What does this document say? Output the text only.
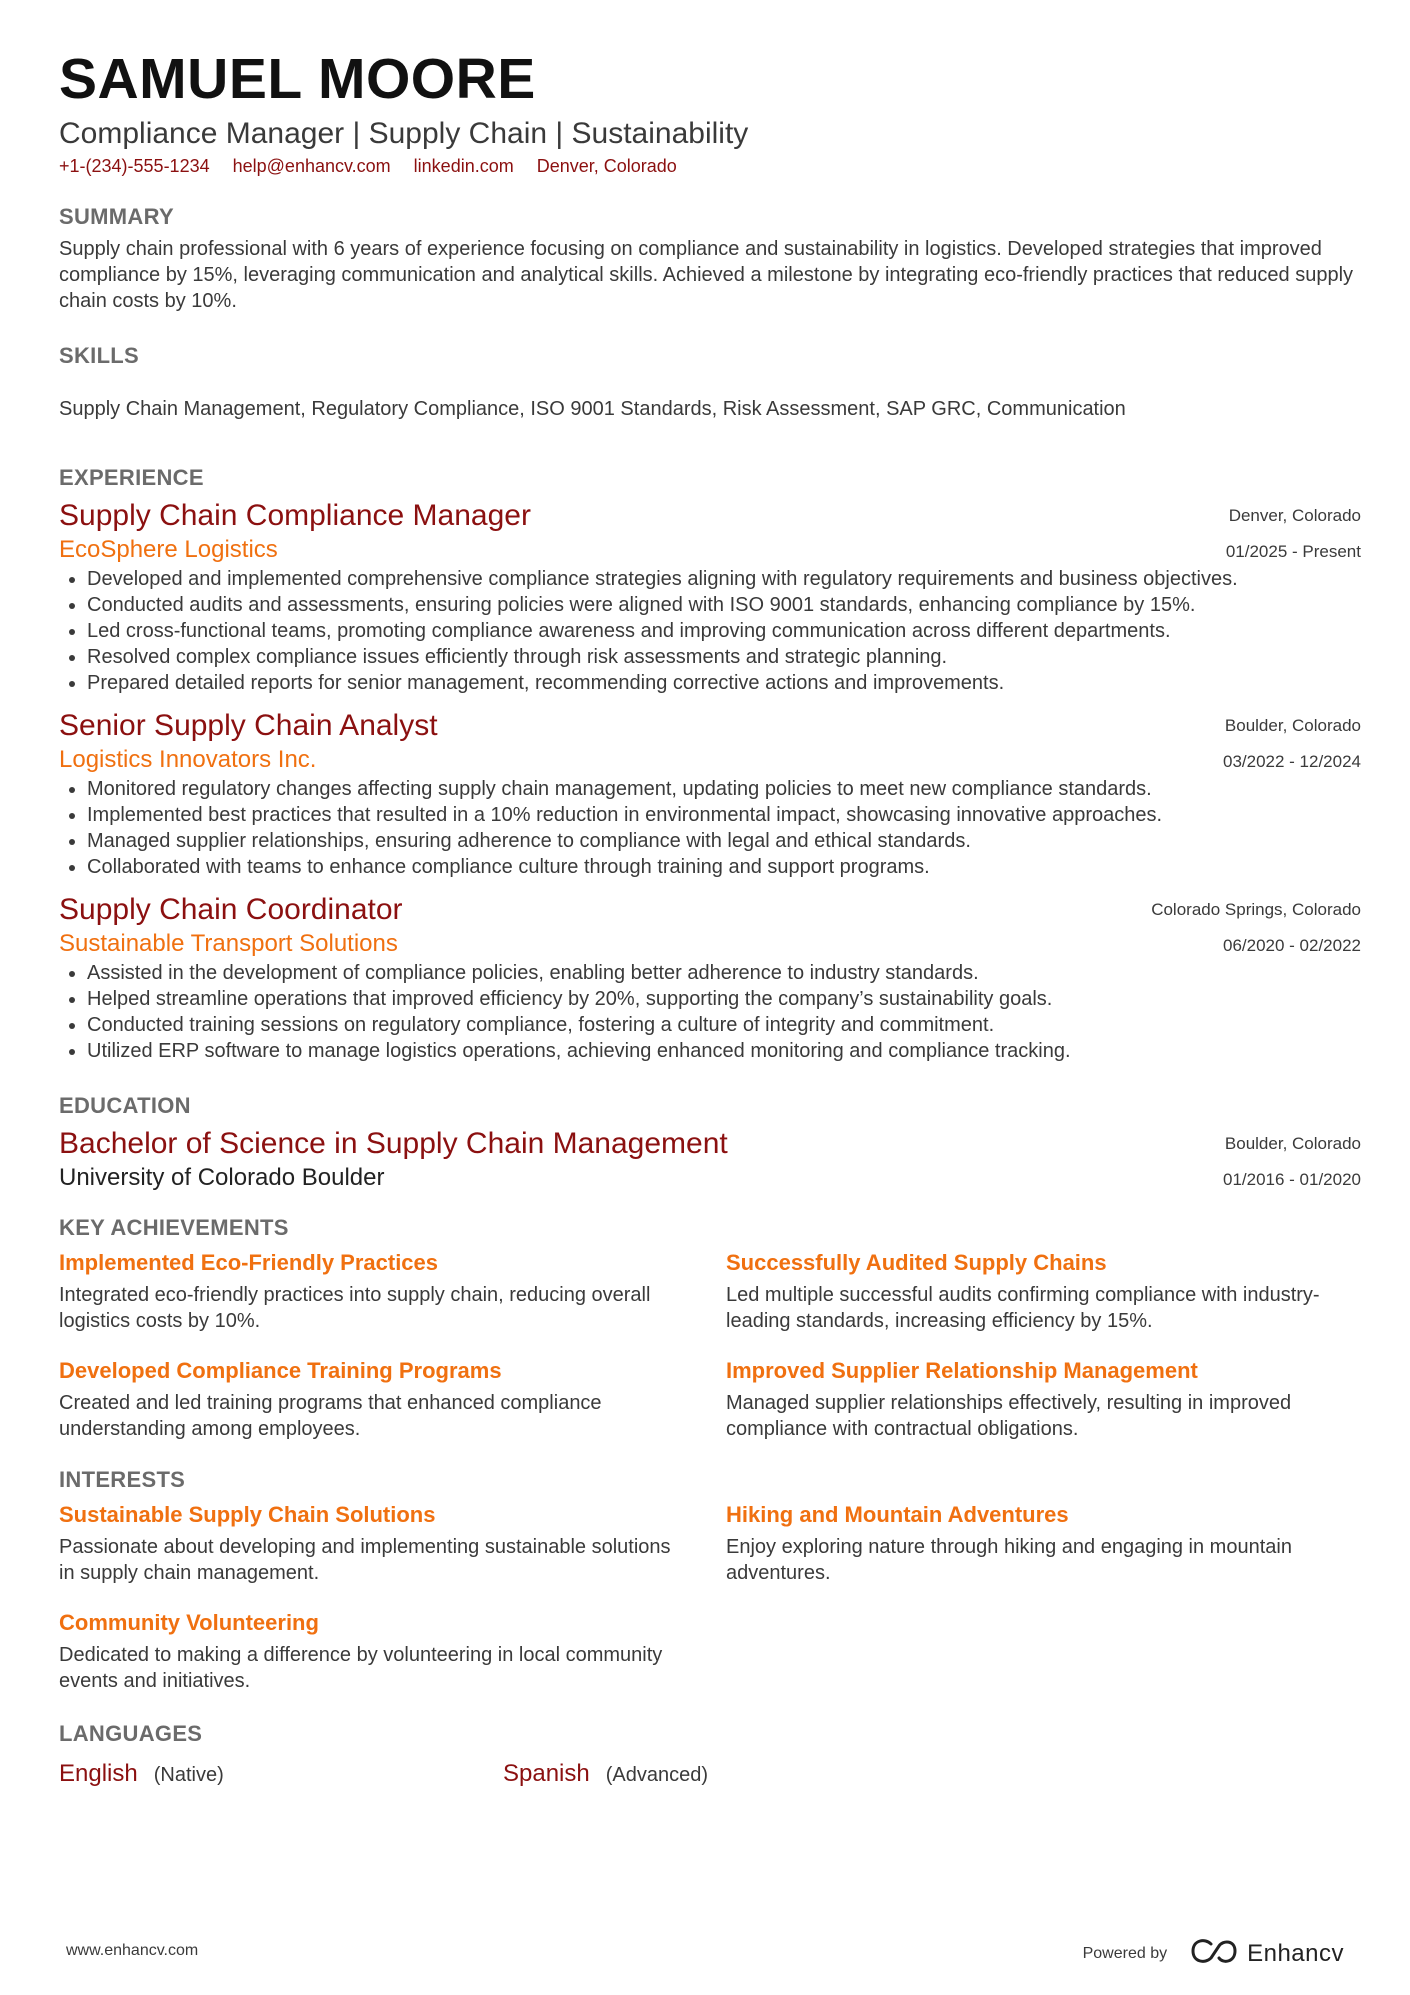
SAMUEL MOORE
Compliance Manager | Supply Chain | Sustainability
+1-(234)-555-1234 help@enhancv.com linkedin.com Denver, Colorado
SUMMARY
Supply chain professional with 6 years of experience focusing on compliance and sustainability in logistics. Developed strategies that improved compliance by 15%, leveraging communication and analytical skills. Achieved a milestone by integrating eco-friendly practices that reduced supply chain costs by 10%.
SKILLS
Supply Chain Management, Regulatory Compliance, ISO 9001 Standards, Risk Assessment, SAP GRC, Communication
EXPERIENCE
Supply Chain Compliance Manager
EcoSphere Logistics
Denver, Colorado
01/2025 - Present
• Developed and implemented comprehensive compliance strategies aligning with regulatory requirements and business objectives.
• Conducted audits and assessments, ensuring policies were aligned with ISO 9001 standards, enhancing compliance by 15%.
• Led cross-functional teams, promoting compliance awareness and improving communication across different departments.
• Resolved complex compliance issues efficiently through risk assessments and strategic planning.
• Prepared detailed reports for senior management, recommending corrective actions and improvements.
Senior Supply Chain Analyst
Logistics Innovators Inc.
Boulder, Colorado
03/2022 - 12/2024
• Monitored regulatory changes affecting supply chain management, updating policies to meet new compliance standards.
• Implemented best practices that resulted in a 10% reduction in environmental impact, showcasing innovative approaches.
• Managed supplier relationships, ensuring adherence to compliance with legal and ethical standards.
• Collaborated with teams to enhance compliance culture through training and support programs.
Supply Chain Coordinator
Sustainable Transport Solutions
Colorado Springs, Colorado
06/2020 - 02/2022
• Assisted in the development of compliance policies, enabling better adherence to industry standards.
• Helped streamline operations that improved efficiency by 20%, supporting the company’s sustainability goals.
• Conducted training sessions on regulatory compliance, fostering a culture of integrity and commitment.
• Utilized ERP software to manage logistics operations, achieving enhanced monitoring and compliance tracking.
EDUCATION
Bachelor of Science in Supply Chain Management
University of Colorado Boulder
Boulder, Colorado
01/2016 - 01/2020
KEY ACHIEVEMENTS
Implemented Eco-Friendly Practices
Integrated eco-friendly practices into supply chain, reducing overall logistics costs by 10%.
Successfully Audited Supply Chains
Led multiple successful audits confirming compliance with industry-leading standards, increasing efficiency by 15%.
Developed Compliance Training Programs
Created and led training programs that enhanced compliance understanding among employees.
Improved Supplier Relationship Management
Managed supplier relationships effectively, resulting in improved compliance with contractual obligations.
INTERESTS
Sustainable Supply Chain Solutions
Passionate about developing and implementing sustainable solutions in supply chain management.
Hiking and Mountain Adventures
Enjoy exploring nature through hiking and engaging in mountain adventures.
Community Volunteering
Dedicated to making a difference by volunteering in local community events and initiatives.
LANGUAGES
English (Native)	Spanish (Advanced)
www.enhancv.com	Powered by	Enhancv
